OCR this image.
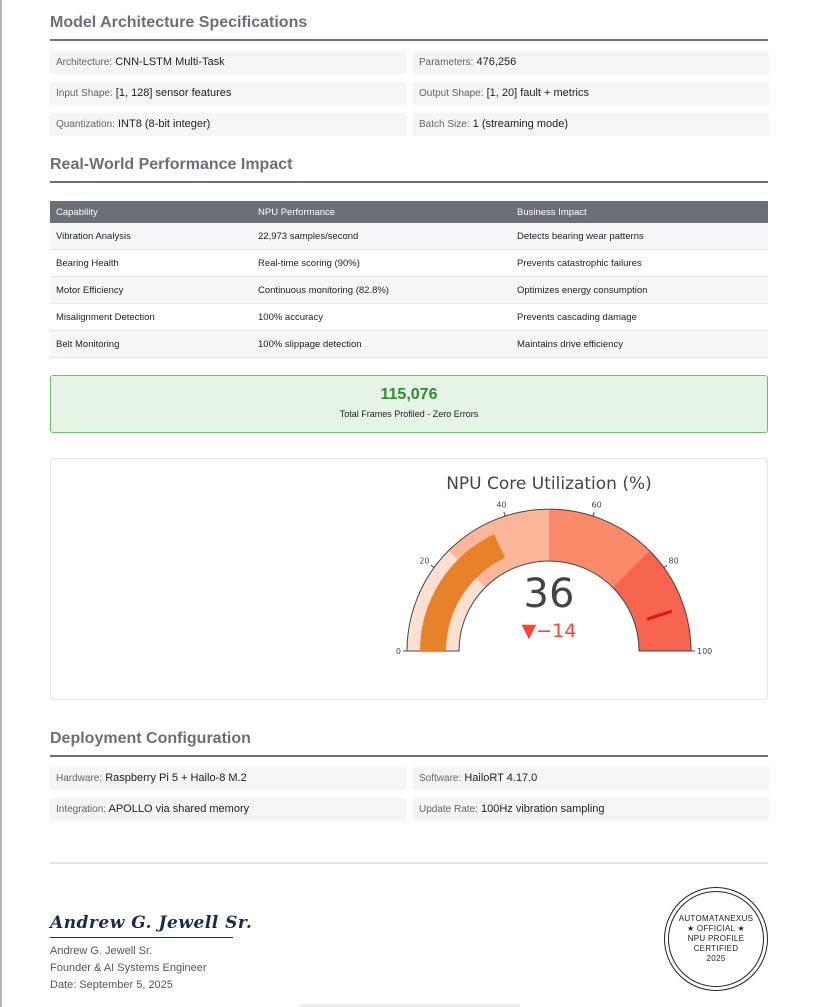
Model Architecture Specifications
Architecture: CNN-LSTM Multi-Task	Parameters: 476,256
Input Shape: [1, 128] sensor features	Output Shape: [1, 20] fault + metrics
Quantization: INT8 (8-bit integer)	Batch Size: 1 (streaming mode)
Real-World Performance Impact
Capability	NPU Performance	Business Impact
Vibration Analysis	22,973 samples/second	Detects bearing wear patterns
Bearing Health	Real-time scoring (90%)	Prevents catastrophic failures
Motor Efficiency	Continuous monitoring (82.8%)	Optimizes energy consumption
Misalignment Detection	100% accuracy	Prevents cascading damage
Belt Monitoring	100% slippage detection	Maintains drive efficiency
115,076
Total Frames Profiled - Zero Errors
NPU Core Utilization (%)
0
20
40	60
80
100
36
▼−14
Deployment Configuration
Hardware: Raspberry Pi 5 + Hailo-8 M.2	Software: HailoRT 4.17.0
Integration: APOLLO via shared memory	Update Rate: 100Hz vibration sampling
Andrew G. Jewell Sr.
Andrew G. Jewell Sr.
Founder & AI Systems Engineer
Date: September 5, 2025
AUTOMATANEXUS
★ OFFICIAL ★
NPU PROFILE
CERTIFIED
2025
